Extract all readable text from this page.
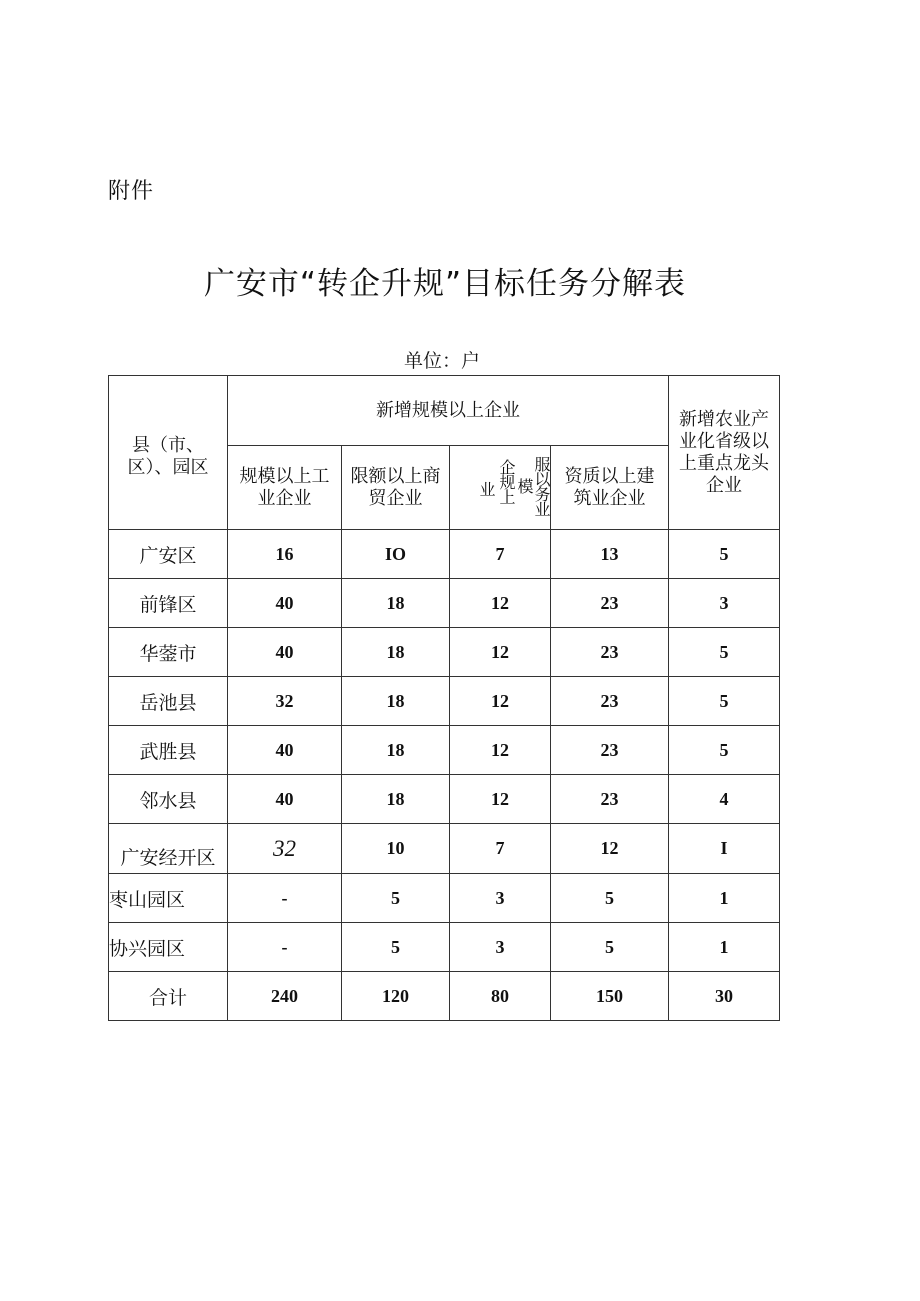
附件
广安市“转企升规”目标任务分解表
单位：户
县（市、区）、园区	新增规模以上企业				新增农业产业化省级以上重点龙头企业

	规模以上工业企业	限额以上商贸企业	业 企规上 服以务业模	资质以上建筑业企业	

广安区	16	IO	7	13	5
前锋区	40	18	12	23	3
华蓥市	40	18	12	23	5
岳池县	32	18	12	23	5
武胜县	40	18	12	23	5
邻水县	40	18	12	23	4
广安经开区	32	10	7	12	I
枣山园区	-	5	3	5	1
协兴园区	-	5	3	5	1
合计	240	120	80	150	30
